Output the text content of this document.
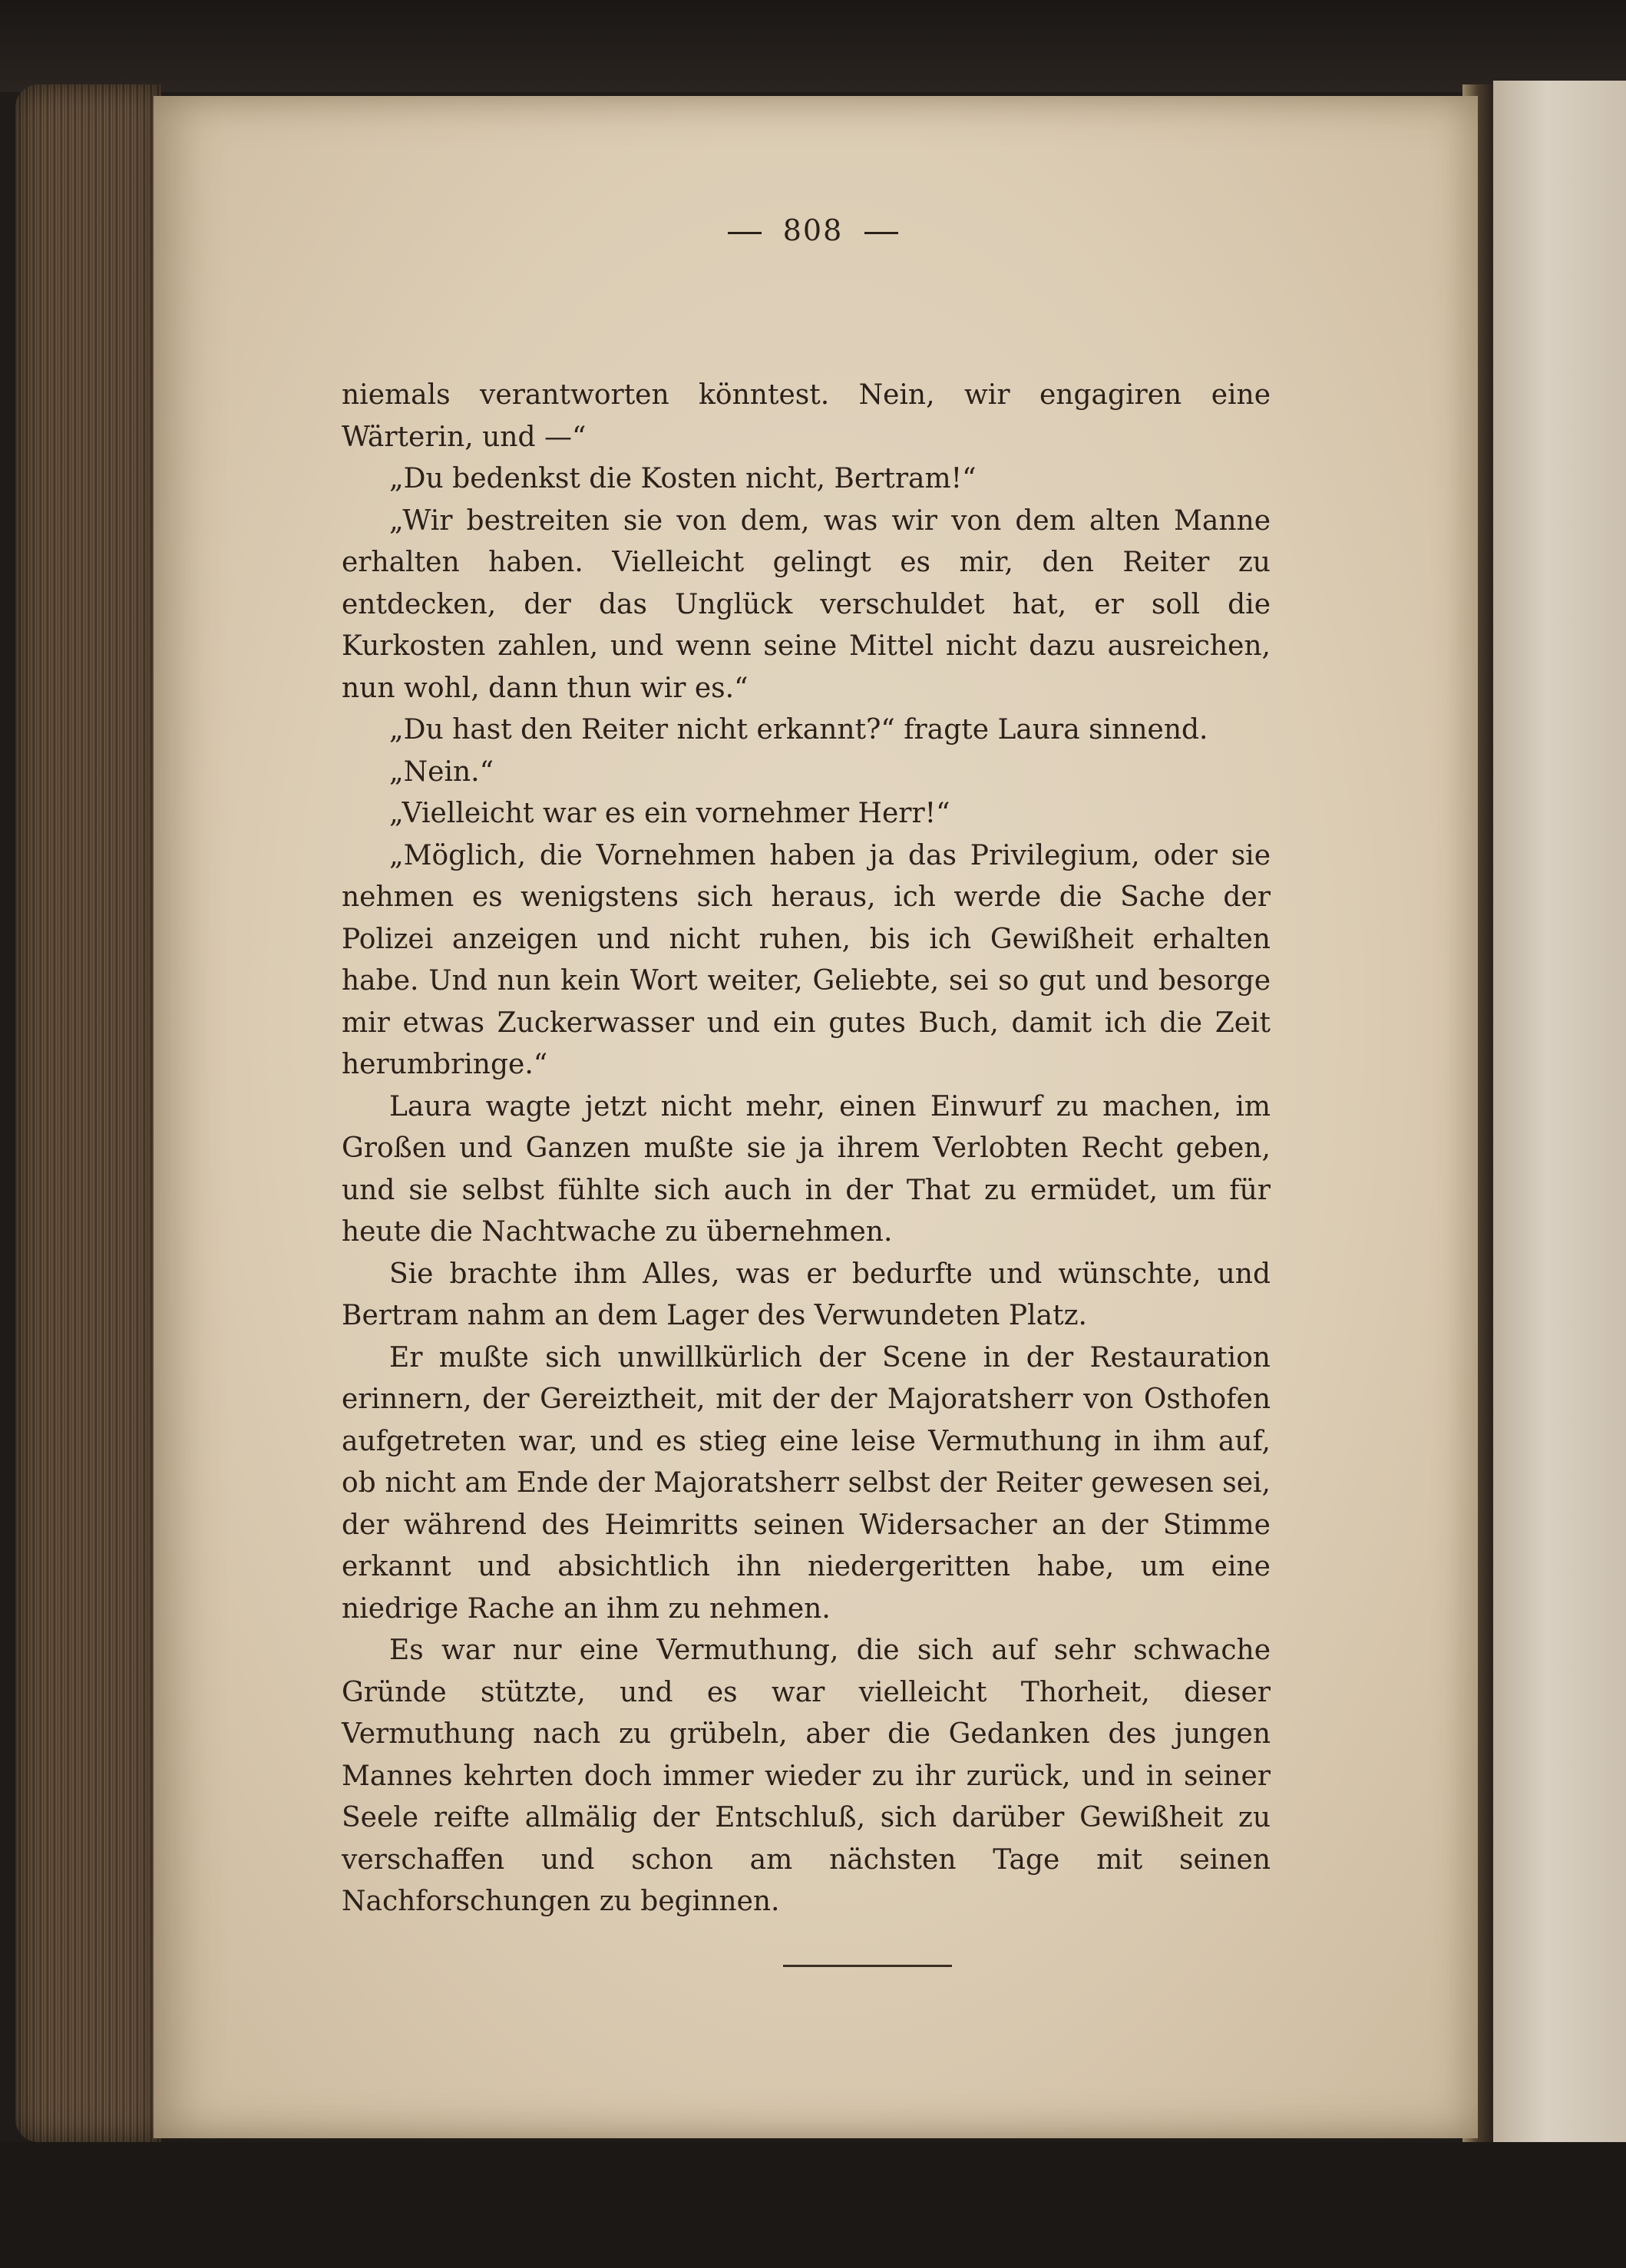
808

niemals verantworten könntest. Nein, wir engagiren eine Wärterin, und —“

„Du bedenkst die Kosten nicht, Bertram!“

„Wir bestreiten sie von dem, was wir von dem alten Manne erhalten haben. Vielleicht gelingt es mir, den Reiter zu entdecken, der das Unglück verschuldet hat, er soll die Kurkosten zahlen, und wenn seine Mittel nicht dazu ausreichen, nun wohl, dann thun wir es.“

„Du hast den Reiter nicht erkannt?“ fragte Laura sinnend.

„Nein.“

„Vielleicht war es ein vornehmer Herr!“

„Möglich, die Vornehmen haben ja das Privilegium, oder sie nehmen es wenigstens sich heraus, ich werde die Sache der Polizei anzeigen und nicht ruhen, bis ich Gewißheit erhalten habe. Und nun kein Wort weiter, Geliebte, sei so gut und besorge mir etwas Zuckerwasser und ein gutes Buch, damit ich die Zeit herumbringe.“

Laura wagte jetzt nicht mehr, einen Einwurf zu machen, im Großen und Ganzen mußte sie ja ihrem Verlobten Recht geben, und sie selbst fühlte sich auch in der That zu ermüdet, um für heute die Nachtwache zu übernehmen.

Sie brachte ihm Alles, was er bedurfte und wünschte, und Bertram nahm an dem Lager des Verwundeten Platz.

Er mußte sich unwillkürlich der Scene in der Restauration erinnern, der Gereiztheit, mit der der Majoratsherr von Osthofen aufgetreten war, und es stieg eine leise Vermuthung in ihm auf, ob nicht am Ende der Majoratsherr selbst der Reiter gewesen sei, der während des Heimritts seinen Widersacher an der Stimme erkannt und absichtlich ihn niedergeritten habe, um eine niedrige Rache an ihm zu nehmen.

Es war nur eine Vermuthung, die sich auf sehr schwache Gründe stützte, und es war vielleicht Thorheit, dieser Vermuthung nach zu grübeln, aber die Gedanken des jungen Mannes kehrten doch immer wieder zu ihr zurück, und in seiner Seele reifte allmälig der Entschluß, sich darüber Gewißheit zu verschaffen und schon am nächsten Tage mit seinen Nachforschungen zu beginnen.
